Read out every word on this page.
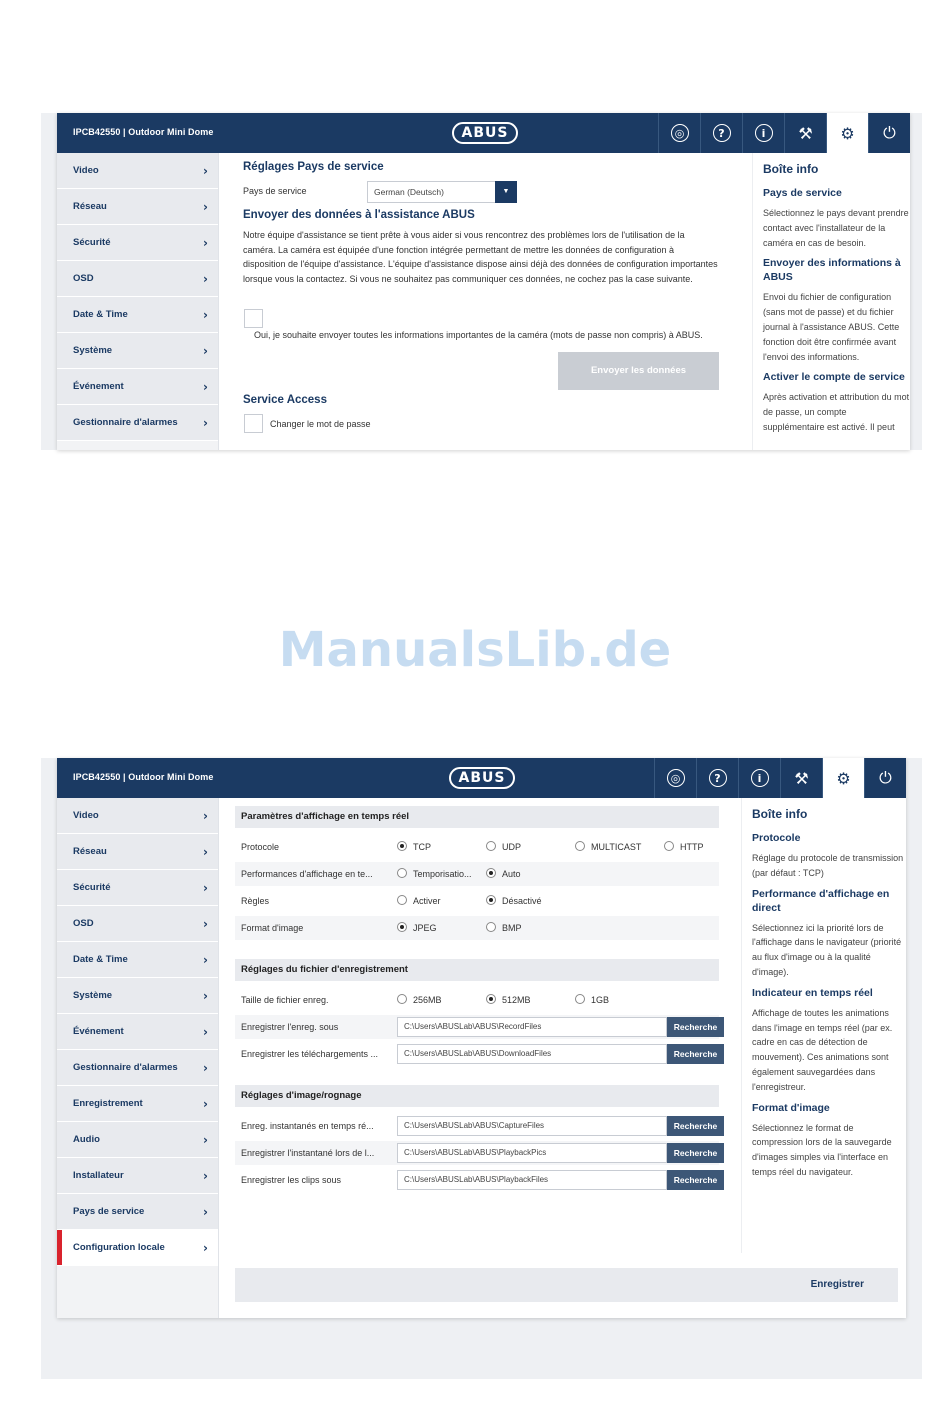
IPCB42550 | Outdoor Mini Dome	ABUS	◎	?	i	⚒	⚙	⏻
Video	›
Réseau	›
Sécurité	›
OSD	›
Date & Time	›
Système	›
Événement	›
Gestionnaire d'alarmes ›
Réglages Pays de service
Pays de service	German (Deutsch)	▼
Envoyer des données à l'assistance ABUS

Notre équipe d'assistance se tient prête à vous aider si vous rencontrez des problèmes lors de l'utilisation de la caméra. La caméra est équipée d'une fonction intégrée permettant de mettre les données de configuration à disposition de l'équipe d'assistance. L'équipe d'assistance dispose ainsi déjà des données de configuration importantes lorsque vous la contactez. Si vous ne souhaitez pas communiquer ces données, ne cochez pas la case suivante.

Oui, je souhaite envoyer toutes les informations importantes de la caméra (mots de passe non compris) à ABUS.
Envoyer les données
Service Access
Changer le mot de passe
Boîte info
Pays de service

Sélectionnez le pays devant prendre contact avec l'installateur de la caméra en cas de besoin.

Envoyer des informations à ABUS

Envoi du fichier de configuration (sans mot de passe) et du fichier journal à l'assistance ABUS. Cette fonction doit être confirmée avant l'envoi des informations.

Activer le compte de service

Après activation et attribution du mot de passe, un compte supplémentaire est activé. Il peut

ManualsLib.de
IPCB42550 | Outdoor Mini Dome	ABUS	◎	?	i	⚒	⚙	⏻
Video	›
Réseau	›
Sécurité	›
OSD	›
Date & Time	›
Système	›
Événement	›
Gestionnaire d'alarmes ›
Enregistrement	›
Audio	›
Installateur	›
Pays de service	›
Configuration locale	›
Paramètres d'affichage en temps réel
Protocole	TCP	UDP	MULTICAST	HTTP
Performances d'affichage en te...	Temporisatio...	Auto
Règles	Activer	Désactivé
Format d'image	JPEG	BMP
Réglages du fichier d'enregistrement
Taille de fichier enreg.	256MB	512MB	1GB
Enregistrer l'enreg. sous	C:\Users\ABUSLab\ABUS\RecordFiles	Recherche
Enregistrer les téléchargements ...	C:\Users\ABUSLab\ABUS\DownloadFiles	Recherche
Réglages d'image/rognage
Enreg. instantanés en temps ré...	C:\Users\ABUSLab\ABUS\CaptureFiles	Recherche
Enregistrer l'instantané lors de l...	C:\Users\ABUSLab\ABUS\PlaybackPics	Recherche
Enregistrer les clips sous	C:\Users\ABUSLab\ABUS\PlaybackFiles	Recherche
Boîte info
Protocole

Réglage du protocole de transmission (par défaut : TCP)

Performance d'affichage en direct

Sélectionnez ici la priorité lors de l'affichage dans le navigateur (priorité au flux d'image ou à la qualité d'image).

Indicateur en temps réel

Affichage de toutes les animations dans l'image en temps réel (par ex. cadre en cas de détection de mouvement). Ces animations sont également sauvegardées dans l'enregistreur.

Format d'image

Sélectionnez le format de compression lors de la sauvegarde d'images simples via l'interface en temps réel du navigateur.

Enregistrer
